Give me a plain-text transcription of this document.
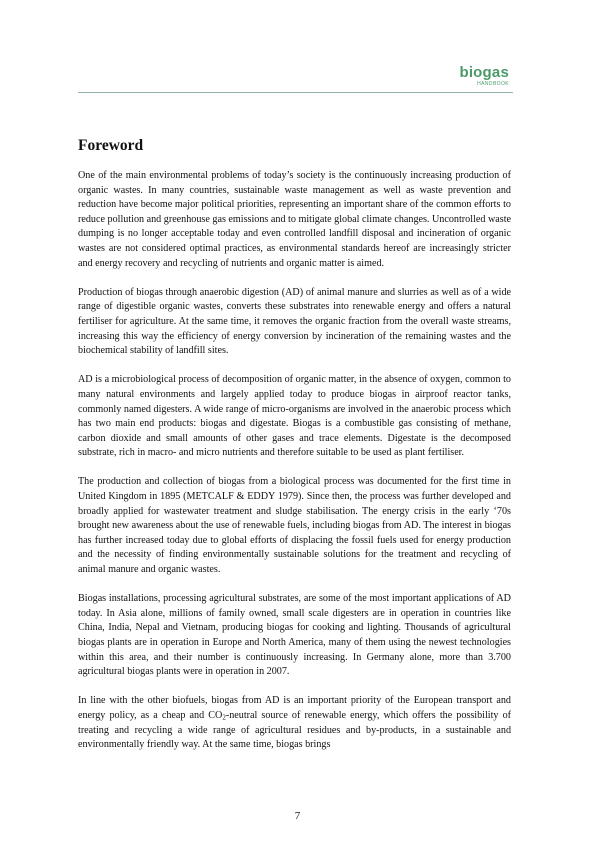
biogas
HANDBOOK
Foreword

One of the main environmental problems of today’s society is the continuously increasing production of organic wastes. In many countries, sustainable waste management as well as waste prevention and reduction have become major political priorities, representing an important share of the common efforts to reduce pollution and greenhouse gas emissions and to mitigate global climate changes. Uncontrolled waste dumping is no longer acceptable today and even controlled landfill disposal and incineration of organic wastes are not considered optimal practices, as environmental standards hereof are increasingly stricter and energy recovery and recycling of nutrients and organic matter is aimed.

Production of biogas through anaerobic digestion (AD) of animal manure and slurries as well as of a wide range of digestible organic wastes, converts these substrates into renewable energy and offers a natural fertiliser for agriculture. At the same time, it removes the organic fraction from the overall waste streams, increasing this way the efficiency of energy conversion by incineration of the remaining wastes and the biochemical stability of landfill sites.

AD is a microbiological process of decomposition of organic matter, in the absence of oxygen, common to many natural environments and largely applied today to produce biogas in airproof reactor tanks, commonly named digesters. A wide range of micro-organisms are involved in the anaerobic process which has two main end products: biogas and digestate. Biogas is a combustible gas consisting of methane, carbon dioxide and small amounts of other gases and trace elements. Digestate is the decomposed substrate, rich in macro- and micro nutrients and therefore suitable to be used as plant fertiliser.

The production and collection of biogas from a biological process was documented for the first time in United Kingdom in 1895 (METCALF & EDDY 1979). Since then, the process was further developed and broadly applied for wastewater treatment and sludge stabilisation. The energy crisis in the early ‘70s brought new awareness about the use of renewable fuels, including biogas from AD. The interest in biogas has further increased today due to global efforts of displacing the fossil fuels used for energy production and the necessity of finding environmentally sustainable solutions for the treatment and recycling of animal manure and organic wastes.

Biogas installations, processing agricultural substrates, are some of the most important applications of AD today. In Asia alone, millions of family owned, small scale digesters are in operation in countries like China, India, Nepal and Vietnam, producing biogas for cooking and lighting. Thousands of agricultural biogas plants are in operation in Europe and North America, many of them using the newest technologies within this area, and their number is continuously increasing. In Germany alone, more than 3.700 agricultural biogas plants were in operation in 2007.

In line with the other biofuels, biogas from AD is an important priority of the European transport and energy policy, as a cheap and $CO_2$-neutral source of renewable energy, which offers the possibility of treating and recycling a wide range of agricultural residues and by-products, in a sustainable and environmentally friendly way. At the same time, biogas brings

7
